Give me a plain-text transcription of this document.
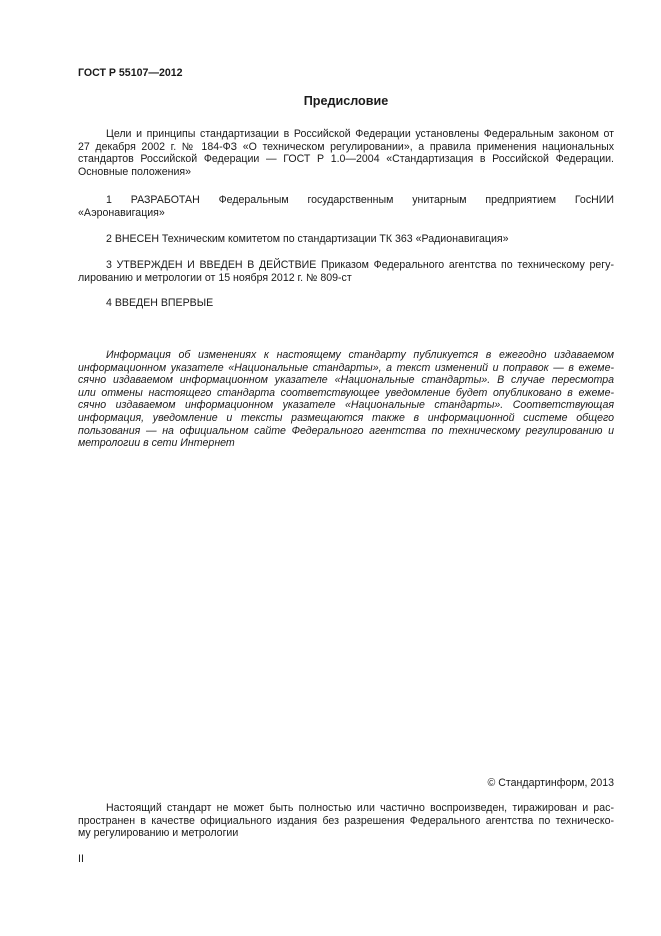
ГОСТ Р 55107—2012
Предисловие
Цели и принципы стандартизации в Российской Федерации установлены Федеральным законом от
27 декабря 2002 г. № 184-ФЗ «О техническом регулировании», а правила применения национальных
стандартов Российской Федерации — ГОСТ Р 1.0—2004 «Стандартизация в Российской Федерации.
Основные положения»
1 РАЗРАБОТАН Федеральным государственным унитарным предприятием ГосНИИ
«Аэронавигация»
2 ВНЕСЕН Техническим комитетом по стандартизации ТК 363 «Радионавигация»
3 УТВЕРЖДЕН И ВВЕДЕН В ДЕЙСТВИЕ Приказом Федерального агентства по техническому регу-
лированию и метрологии от 15 ноября 2012 г. № 809-ст
4 ВВЕДЕН ВПЕРВЫЕ
Информация об изменениях к настоящему стандарту публикуется в ежегодно издаваемом
информационном указателе «Национальные стандарты», а текст изменений и поправок — в ежеме-
сячно издаваемом информационном указателе «Национальные стандарты». В случае пересмотра
или отмены настоящего стандарта соответствующее уведомление будет опубликовано в ежеме-
сячно издаваемом информационном указателе «Национальные стандарты». Соответствующая
информация, уведомление и тексты размещаются также в информационной системе общего
пользования — на официальном сайте Федерального агентства по техническому регулированию и
метрологии в сети Интернет
© Стандартинформ, 2013
Настоящий стандарт не может быть полностью или частично воспроизведен, тиражирован и рас-
пространен в качестве официального издания без разрешения Федерального агентства по техническо-
му регулированию и метрологии
II
